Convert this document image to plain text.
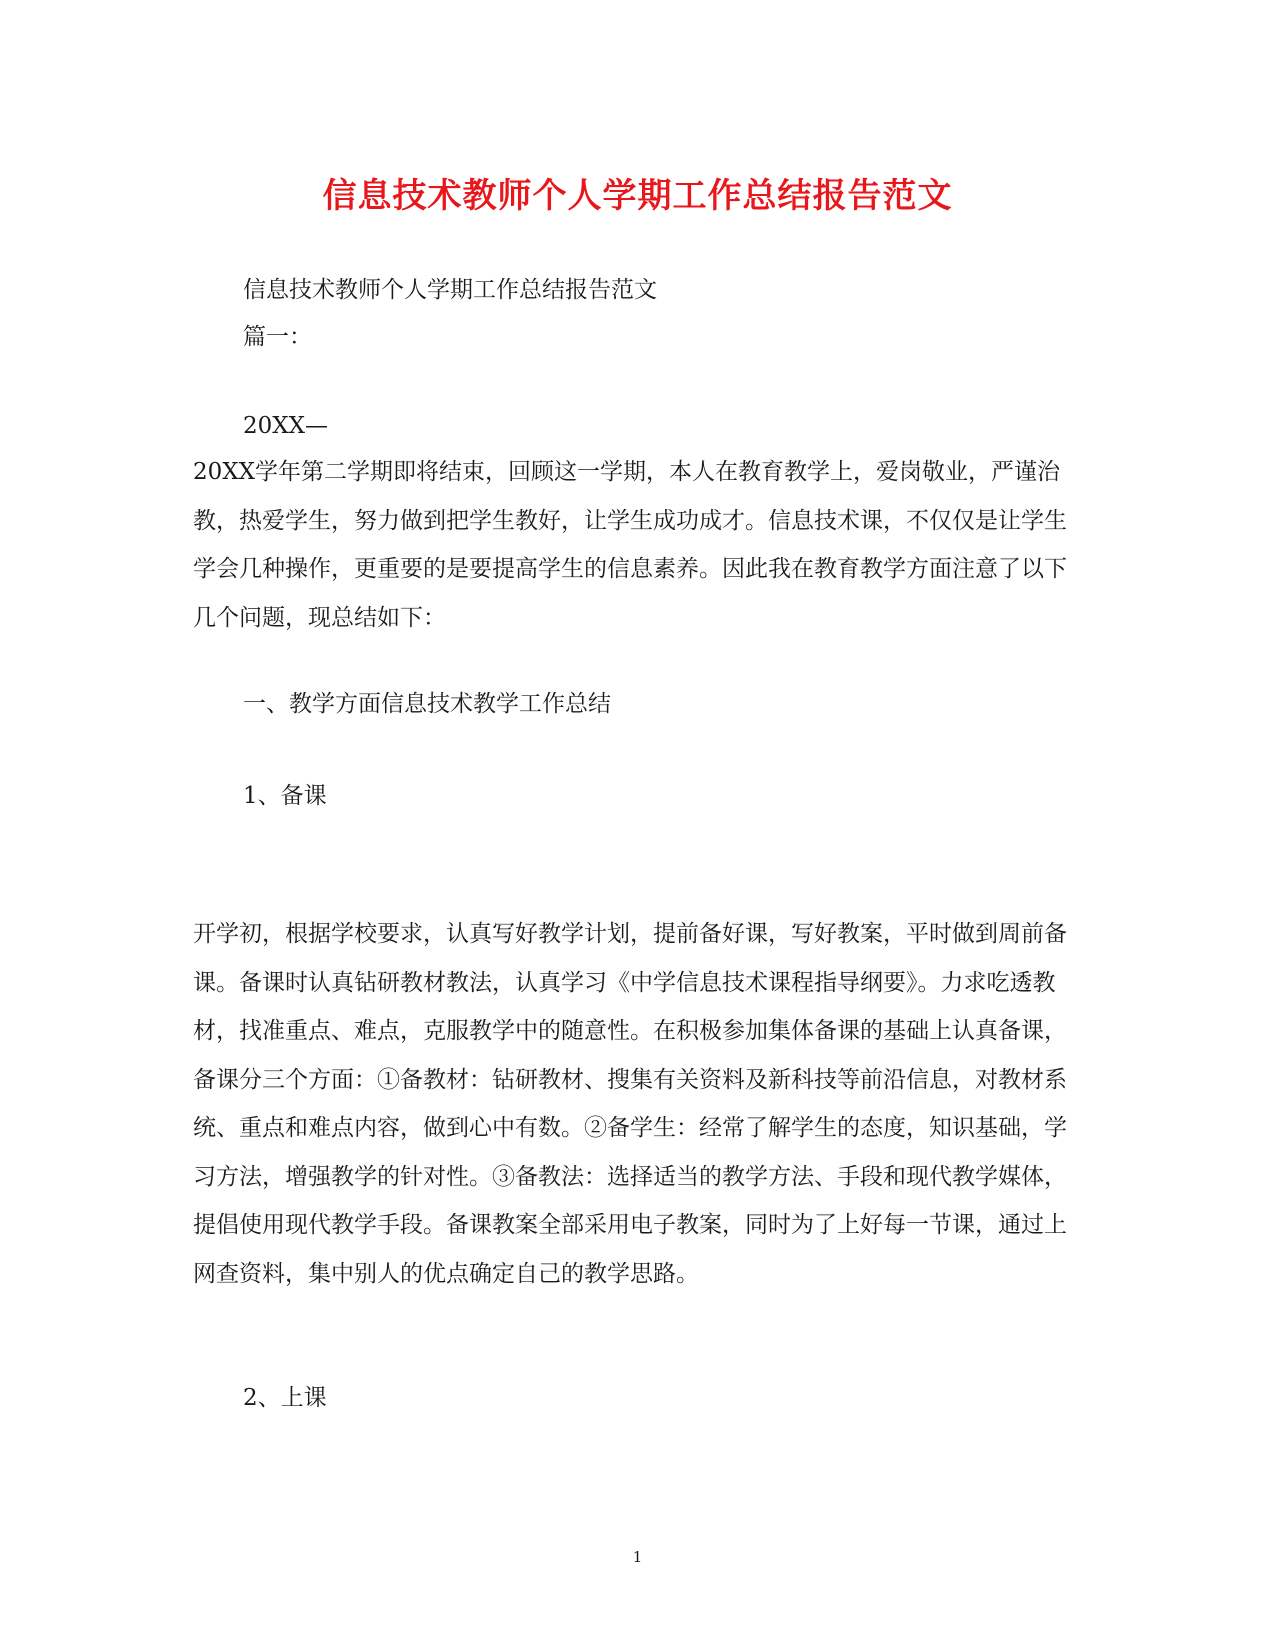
信息技术教师个人学期工作总结报告范文

信息技术教师个人学期工作总结报告范文

篇一：

20XX—

20XX学年第二学期即将结束，回顾这一学期，本人在教育教学上，爱岗敬业，严谨治教，热爱学生，努力做到把学生教好，让学生成功成才。信息技术课，不仅仅是让学生学会几种操作，更重要的是要提高学生的信息素养。因此我在教育教学方面注意了以下几个问题，现总结如下：

一、教学方面信息技术教学工作总结

1、备课

开学初，根据学校要求，认真写好教学计划，提前备好课，写好教案，平时做到周前备课。备课时认真钻研教材教法，认真学习《中学信息技术课程指导纲要》。力求吃透教材，找准重点、难点，克服教学中的随意性。在积极参加集体备课的基础上认真备课，备课分三个方面：①备教材：钻研教材、搜集有关资料及新科技等前沿信息，对教材系统、重点和难点内容，做到心中有数。②备学生：经常了解学生的态度，知识基础，学习方法，增强教学的针对性。③备教法：选择适当的教学方法、手段和现代教学媒体，提倡使用现代教学手段。备课教案全部采用电子教案，同时为了上好每一节课，通过上网查资料，集中别人的优点确定自己的教学思路。

2、上课

1
